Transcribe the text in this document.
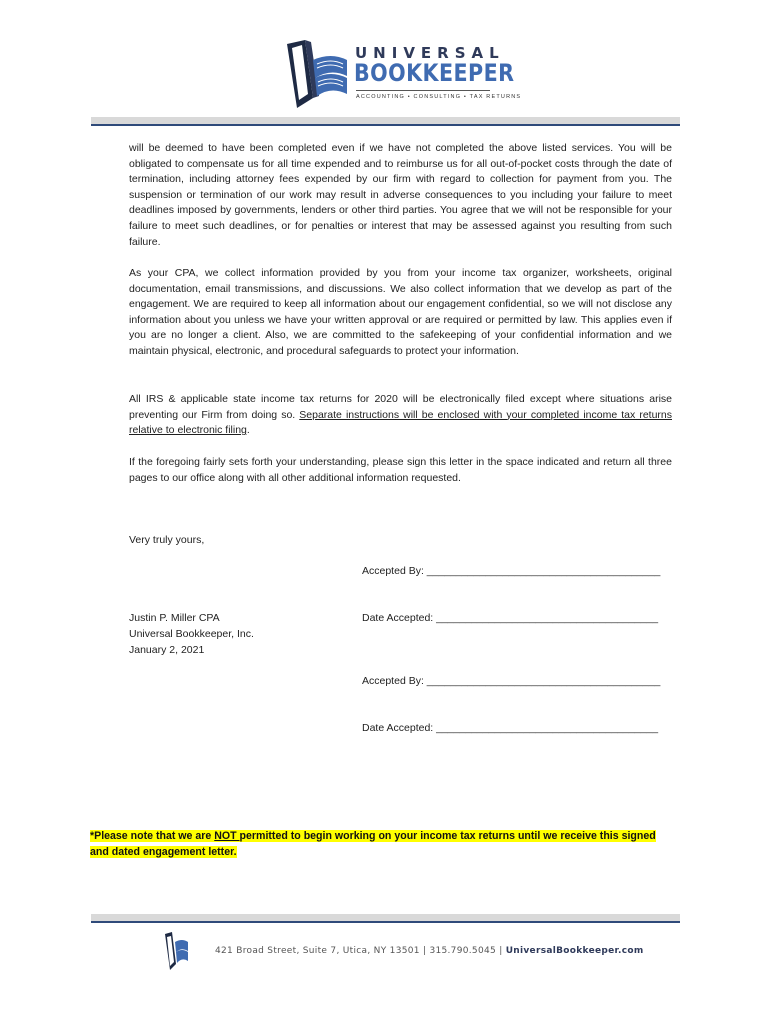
UNIVERSAL
BOOKKEEPER
ACCOUNTING • CONSULTING • TAX RETURNS
will be deemed to have been completed even if we have not completed the above listed services. You will be obligated to compensate us for all time expended and to reimburse us for all out-of-pocket costs through the date of termination, including attorney fees expended by our firm with regard to collection for payment from you. The suspension or termination of our work may result in adverse consequences to you including your failure to meet deadlines imposed by governments, lenders or other third parties. You agree that we will not be responsible for your failure to meet such deadlines, or for penalties or interest that may be assessed against you resulting from such failure.
As your CPA, we collect information provided by you from your income tax organizer, worksheets, original documentation, email transmissions, and discussions. We also collect information that we develop as part of the engagement. We are required to keep all information about our engagement confidential, so we will not disclose any information about you unless we have your written approval or are required or permitted by law. This applies even if you are no longer a client. Also, we are committed to the safekeeping of your confidential information and we maintain physical, electronic, and procedural safeguards to protect your information.
All IRS & applicable state income tax returns for 2020 will be electronically filed except where situations arise preventing our Firm from doing so. Separate instructions will be enclosed with your completed income tax returns relative to electronic filing.
If the foregoing fairly sets forth your understanding, please sign this letter in the space indicated and return all three pages to our office along with all other additional information requested.
Very truly yours,
Accepted By: ________________________________________
Justin P. Miller CPA
Universal Bookkeeper, Inc.
January 2, 2021
Date Accepted: ______________________________________
Accepted By: ________________________________________
Date Accepted: ______________________________________
*Please note that we are NOT permitted to begin working on your income tax returns until we receive this signed and dated engagement letter.
421 Broad Street, Suite 7, Utica, NY 13501 | 315.790.5045 | UniversalBookkeeper.com
